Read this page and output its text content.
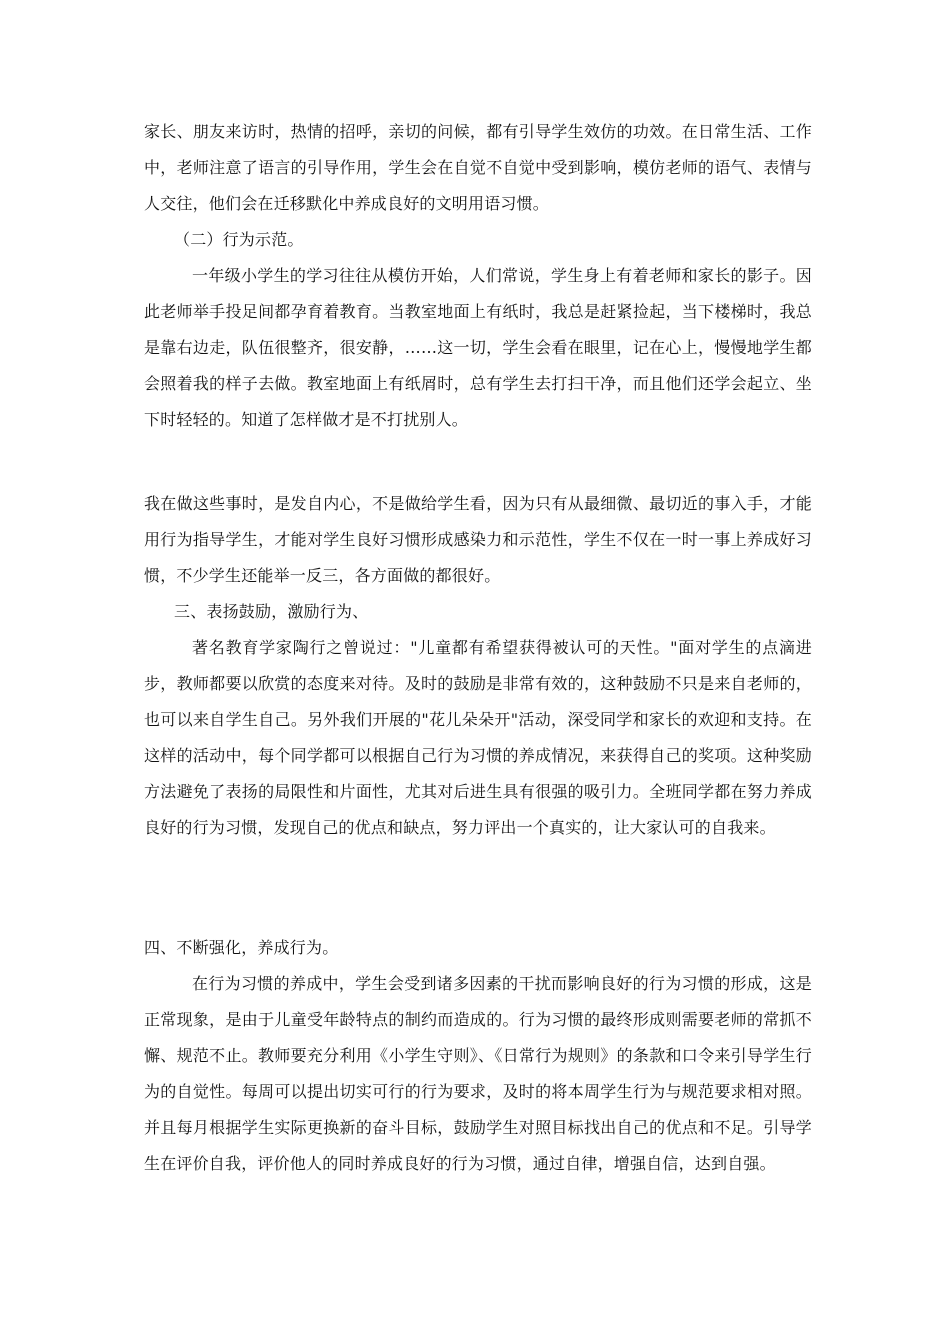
家长、朋友来访时，热情的招呼，亲切的问候，都有引导学生效仿的功效。在日常生活、工作中，老师注意了语言的引导作用，学生会在自觉不自觉中受到影响，模仿老师的语气、表情与人交往，他们会在迁移默化中养成良好的文明用语习惯。

（二）行为示范。

一年级小学生的学习往往从模仿开始，人们常说，学生身上有着老师和家长的影子。因此老师举手投足间都孕育着教育。当教室地面上有纸时，我总是赶紧捡起，当下楼梯时，我总是靠右边走，队伍很整齐，很安静，……这一切，学生会看在眼里，记在心上，慢慢地学生都会照着我的样子去做。教室地面上有纸屑时，总有学生去打扫干净，而且他们还学会起立、坐下时轻轻的。知道了怎样做才是不打扰别人。

我在做这些事时，是发自内心，不是做给学生看，因为只有从最细微、最切近的事入手，才能用行为指导学生，才能对学生良好习惯形成感染力和示范性，学生不仅在一时一事上养成好习惯，不少学生还能举一反三，各方面做的都很好。

三、表扬鼓励，激励行为、

著名教育学家陶行之曾说过："儿童都有希望获得被认可的天性。"面对学生的点滴进步，教师都要以欣赏的态度来对待。及时的鼓励是非常有效的，这种鼓励不只是来自老师的，也可以来自学生自己。另外我们开展的"花儿朵朵开"活动，深受同学和家长的欢迎和支持。在这样的活动中，每个同学都可以根据自己行为习惯的养成情况，来获得自己的奖项。这种奖励方法避免了表扬的局限性和片面性，尤其对后进生具有很强的吸引力。全班同学都在努力养成良好的行为习惯，发现自己的优点和缺点，努力评出一个真实的，让大家认可的自我来。

四、不断强化，养成行为。

在行为习惯的养成中，学生会受到诸多因素的干扰而影响良好的行为习惯的形成，这是正常现象，是由于儿童受年龄特点的制约而造成的。行为习惯的最终形成则需要老师的常抓不懈、规范不止。教师要充分利用《小学生守则》、《日常行为规则》的条款和口令来引导学生行为的自觉性。每周可以提出切实可行的行为要求，及时的将本周学生行为与规范要求相对照。并且每月根据学生实际更换新的奋斗目标，鼓励学生对照目标找出自己的优点和不足。引导学生在评价自我，评价他人的同时养成良好的行为习惯，通过自律，增强自信，达到自强。
